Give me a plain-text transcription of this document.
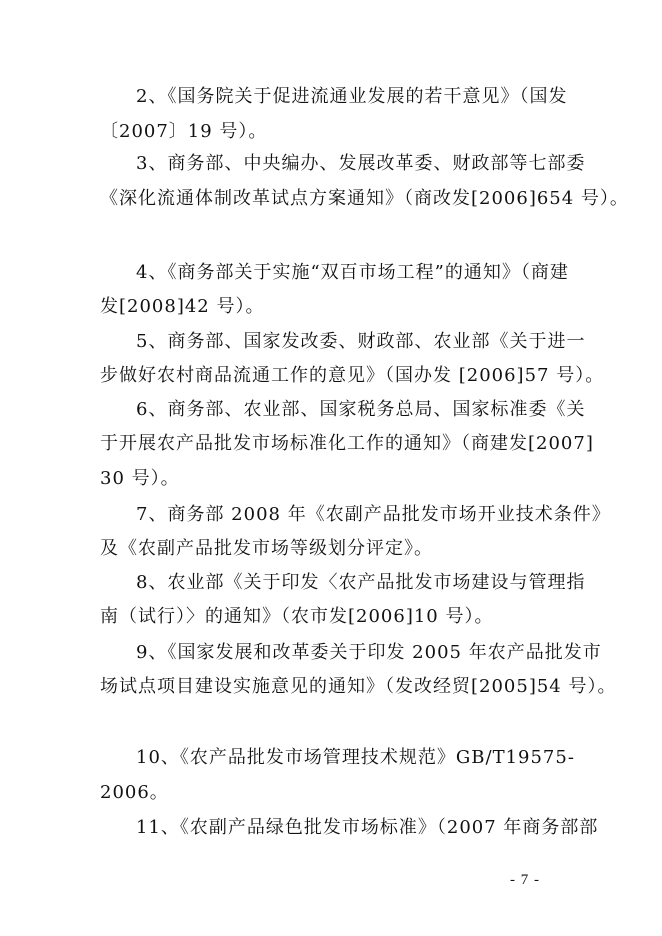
2、《国务院关于促进流通业发展的若干意见》（国发
〔2007〕19 号）。
3、商务部、中央编办、发展改革委、财政部等七部委
《深化流通体制改革试点方案通知》（商改发[2006]654 号）。
4、《商务部关于实施“双百市场工程”的通知》（商建
发[2008]42 号）。
5、商务部、国家发改委、财政部、农业部《关于进一
步做好农村商品流通工作的意见》（国办发 [2006]57 号）。
6、商务部、农业部、国家税务总局、国家标准委《关
于开展农产品批发市场标准化工作的通知》（商建发[2007]
30 号）。
7、商务部 2008 年《农副产品批发市场开业技术条件》
及《农副产品批发市场等级划分评定》。
8、农业部《关于印发〈农产品批发市场建设与管理指
南（试行）〉的通知》（农市发[2006]10 号）。
9、《国家发展和改革委关于印发 2005 年农产品批发市
场试点项目建设实施意见的通知》（发改经贸[2005]54 号）。
10、《农产品批发市场管理技术规范》GB/T19575-
2006。
11、《农副产品绿色批发市场标准》（2007 年商务部部
- 7 -
